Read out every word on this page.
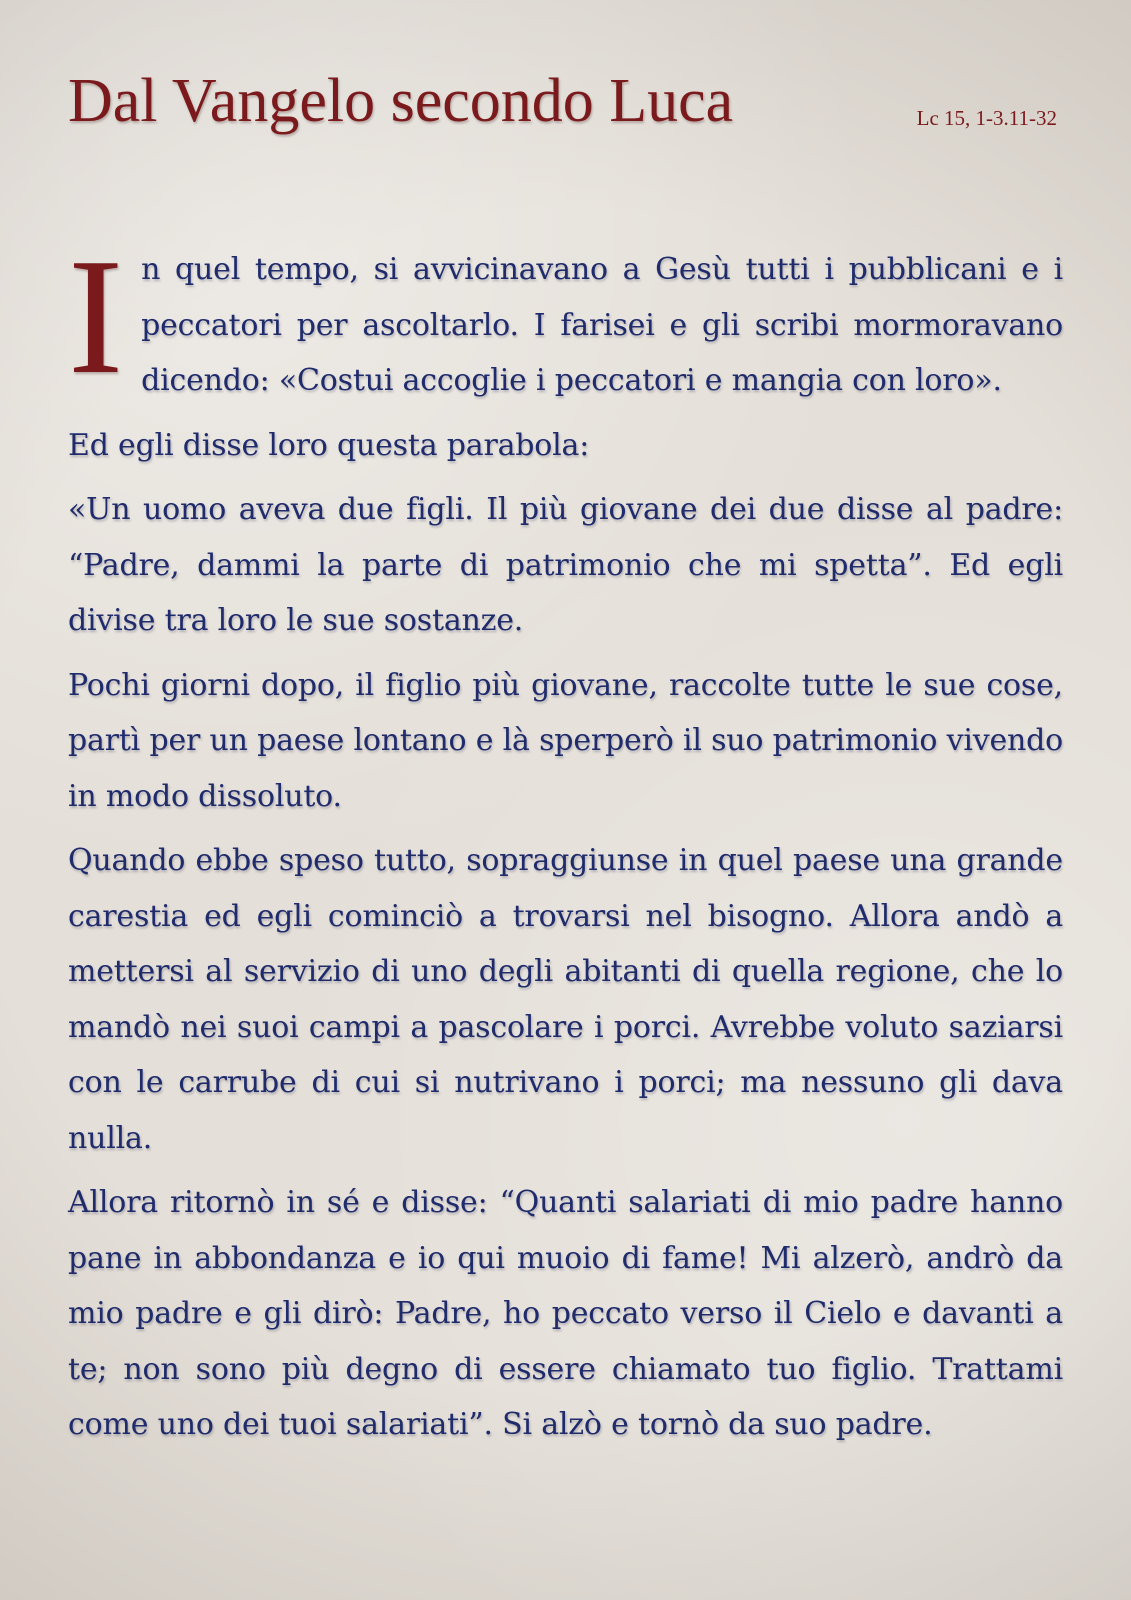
Dal Vangelo secondo Luca	Lc 15, 1-3.11-32

In quel tempo, si avvicinavano a Gesù tutti i pubblicani e i peccatori per ascoltarlo. I farisei e gli scribi mormoravano dicendo: «Costui accoglie i peccatori e mangia con loro».

Ed egli disse loro questa parabola:

«Un uomo aveva due figli. Il più giovane dei due disse al padre: “Padre, dammi la parte di patrimonio che mi spetta”. Ed egli divise tra loro le sue sostanze.

Pochi giorni dopo, il figlio più giovane, raccolte tutte le sue cose, partì per un paese lontano e là sperperò il suo patrimonio vivendo in modo dissoluto.

Quando ebbe speso tutto, sopraggiunse in quel paese una grande carestia ed egli cominciò a trovarsi nel bisogno. Allora andò a mettersi al servizio di uno degli abitanti di quella regione, che lo mandò nei suoi campi a pascolare i porci. Avrebbe voluto saziarsi con le carrube di cui si nutrivano i porci; ma nessuno gli dava nulla.

Allora ritornò in sé e disse: “Quanti salariati di mio padre hanno pane in abbondanza e io qui muoio di fame! Mi alzerò, andrò da mio padre e gli dirò: Padre, ho peccato verso il Cielo e davanti a te; non sono più degno di essere chiamato tuo figlio. Trattami come uno dei tuoi salariati”. Si alzò e tornò da suo padre.
